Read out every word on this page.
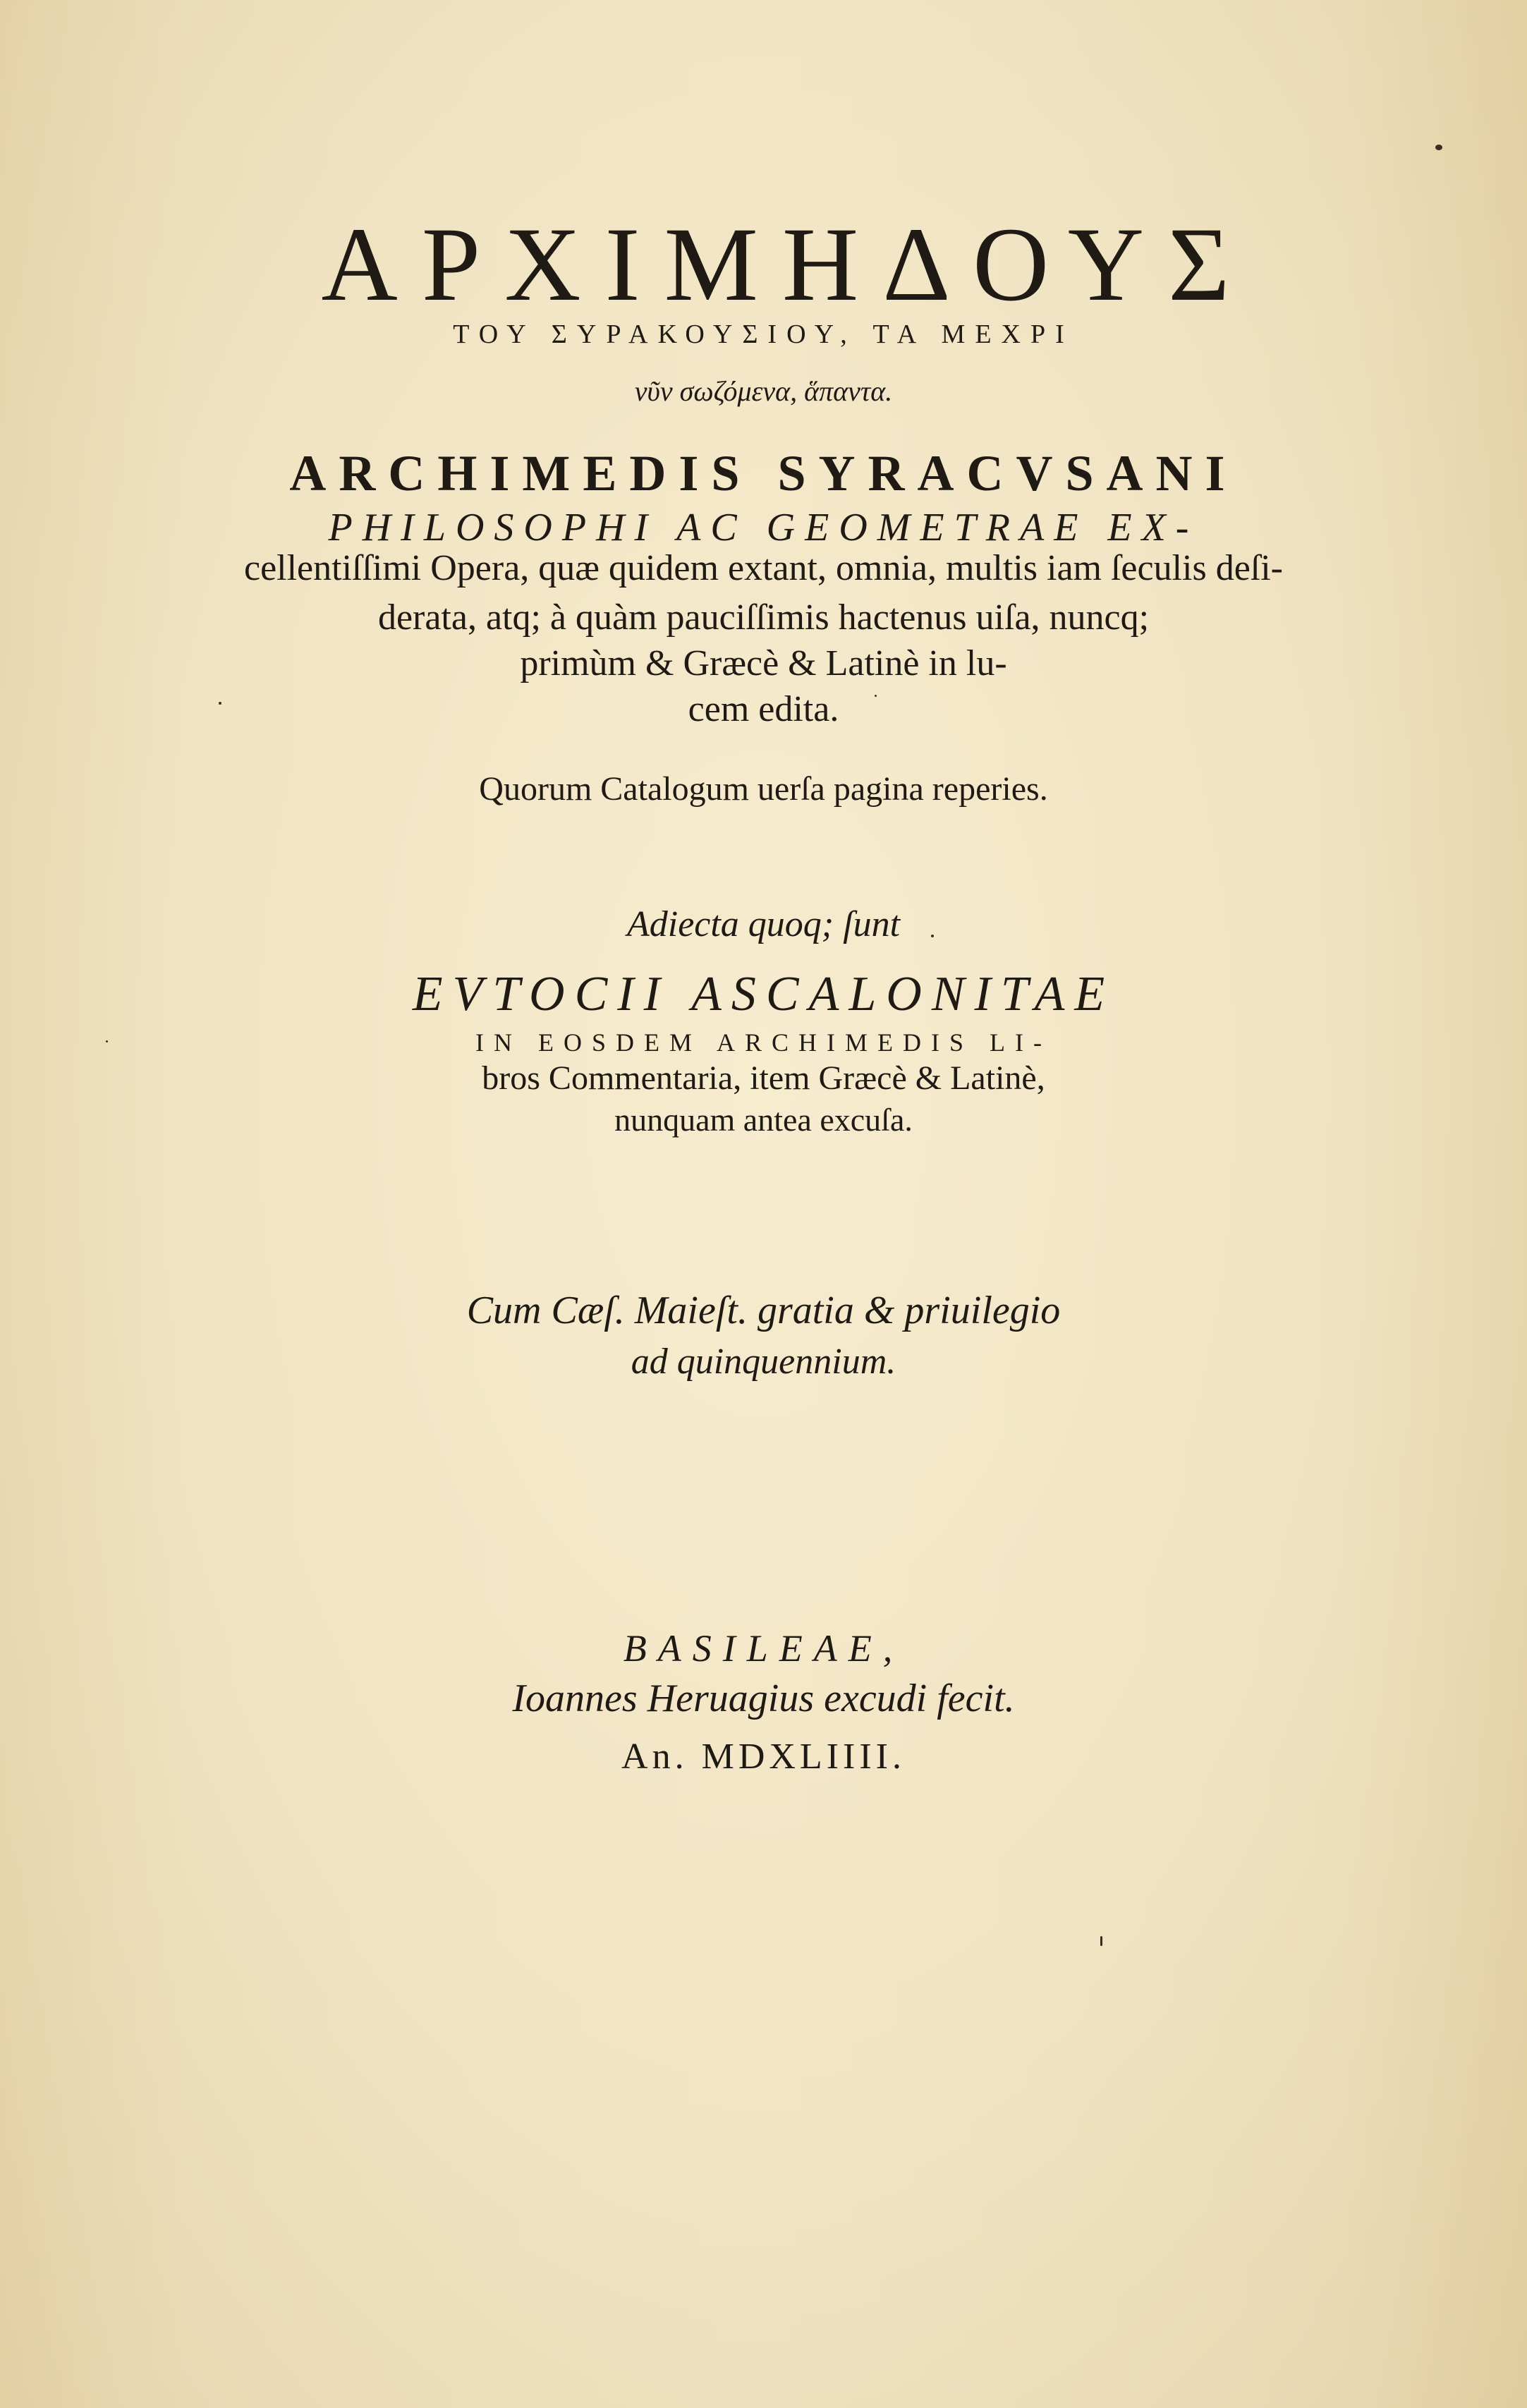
ΑΡΧΙΜΗΔΟΥΣ
ΤΟΥ ΣΥΡΑΚΟΥΣΙΟΥ, ΤΑ ΜΕΧΡΙ
νῦν σωζόμενα, ἅπαντα.
ARCHIMEDIS SYRACVSANI
PHILOSOPHI AC GEOMETRAE EX-
cellentiſſimi Opera, quæ quidem extant, omnia, multis iam ſeculis deſi-
derata, atq; à quàm pauciſſimis hactenus uiſa, nuncq;
primùm & Græcè & Latinè in lu-
cem edita.
Quorum Catalogum uerſa pagina reperies.
Adiecta quoq; ſunt
EVTOCII ASCALONITAE
IN EOSDEM ARCHIMEDIS LI-
bros Commentaria, item Græcè & Latinè,
nunquam antea excuſa.
Cum Cæſ. Maieſt. gratia & priuilegio
ad quinquennium.
BASILEAE,
Ioannes Heruagius excudi fecit.
An. MDXLIIII.
